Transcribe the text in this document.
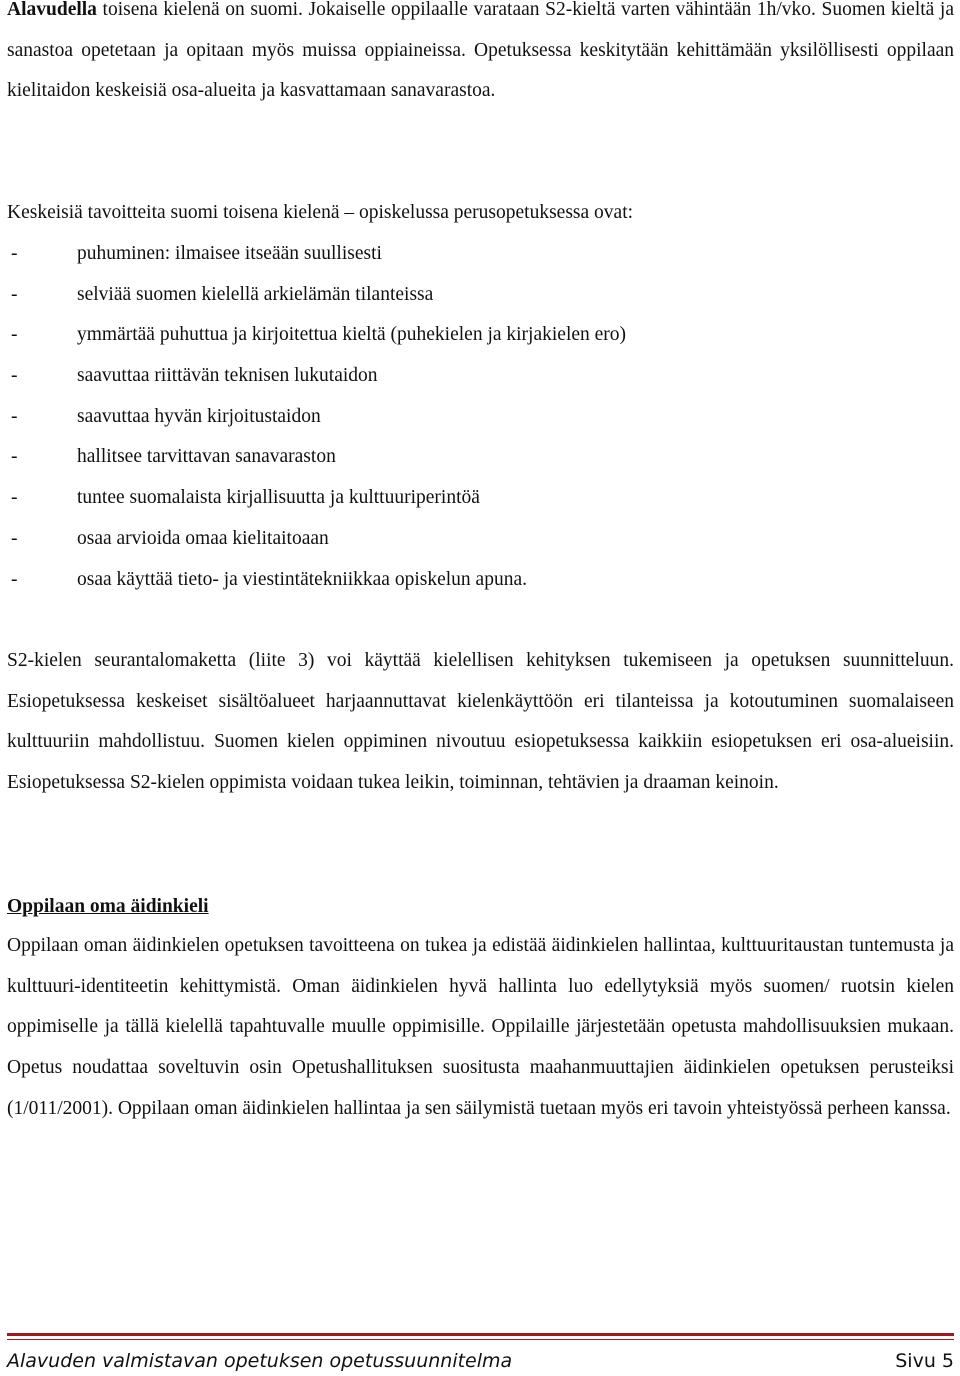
Alavudella toisena kielenä on suomi. Jokaiselle oppilaalle varataan S2-kieltä varten vähintään 1h/vko. Suomen kieltä ja sanastoa opetetaan ja opitaan myös muissa oppiaineissa. Opetuksessa keskitytään kehittämään yksilöllisesti oppilaan kielitaidon keskeisiä osa-alueita ja kasvattamaan sanavarastoa.

Keskeisiä tavoitteita suomi toisena kielenä – opiskelussa perusopetuksessa ovat:

-	puhuminen: ilmaisee itseään suullisesti
-	selviää suomen kielellä arkielämän tilanteissa
-	ymmärtää puhuttua ja kirjoitettua kieltä (puhekielen ja kirjakielen ero)
-	saavuttaa riittävän teknisen lukutaidon
-	saavuttaa hyvän kirjoitustaidon
-	hallitsee tarvittavan sanavaraston
-	tuntee suomalaista kirjallisuutta ja kulttuuriperintöä
-	osaa arvioida omaa kielitaitoaan
-	osaa käyttää tieto- ja viestintätekniikkaa opiskelun apuna.

S2-kielen seurantalomaketta (liite 3) voi käyttää kielellisen kehityksen tukemiseen ja opetuksen suunnitteluun. Esiopetuksessa keskeiset sisältöalueet harjaannuttavat kielenkäyttöön eri tilanteissa ja kotoutuminen suomalaiseen kulttuuriin mahdollistuu. Suomen kielen oppiminen nivoutuu esiopetuksessa kaikkiin esiopetuksen eri osa-alueisiin. Esiopetuksessa S2-kielen oppimista voidaan tukea leikin, toiminnan, tehtävien ja draaman keinoin.

Oppilaan oma äidinkieli

Oppilaan oman äidinkielen opetuksen tavoitteena on tukea ja edistää äidinkielen hallintaa, kulttuuritaustan tuntemusta ja kulttuuri-identiteetin kehittymistä. Oman äidinkielen hyvä hallinta luo edellytyksiä myös suomen/ ruotsin kielen oppimiselle ja tällä kielellä tapahtuvalle muulle oppimisille. Oppilaille järjestetään opetusta mahdollisuuksien mukaan. Opetus noudattaa soveltuvin osin Opetushallituksen suositusta maahanmuuttajien äidinkielen opetuksen perusteiksi (1/011/2001). Oppilaan oman äidinkielen hallintaa ja sen säilymistä tuetaan myös eri tavoin yhteistyössä perheen kanssa.

Alavuden valmistavan opetuksen opetussuunnitelma	Sivu 5
